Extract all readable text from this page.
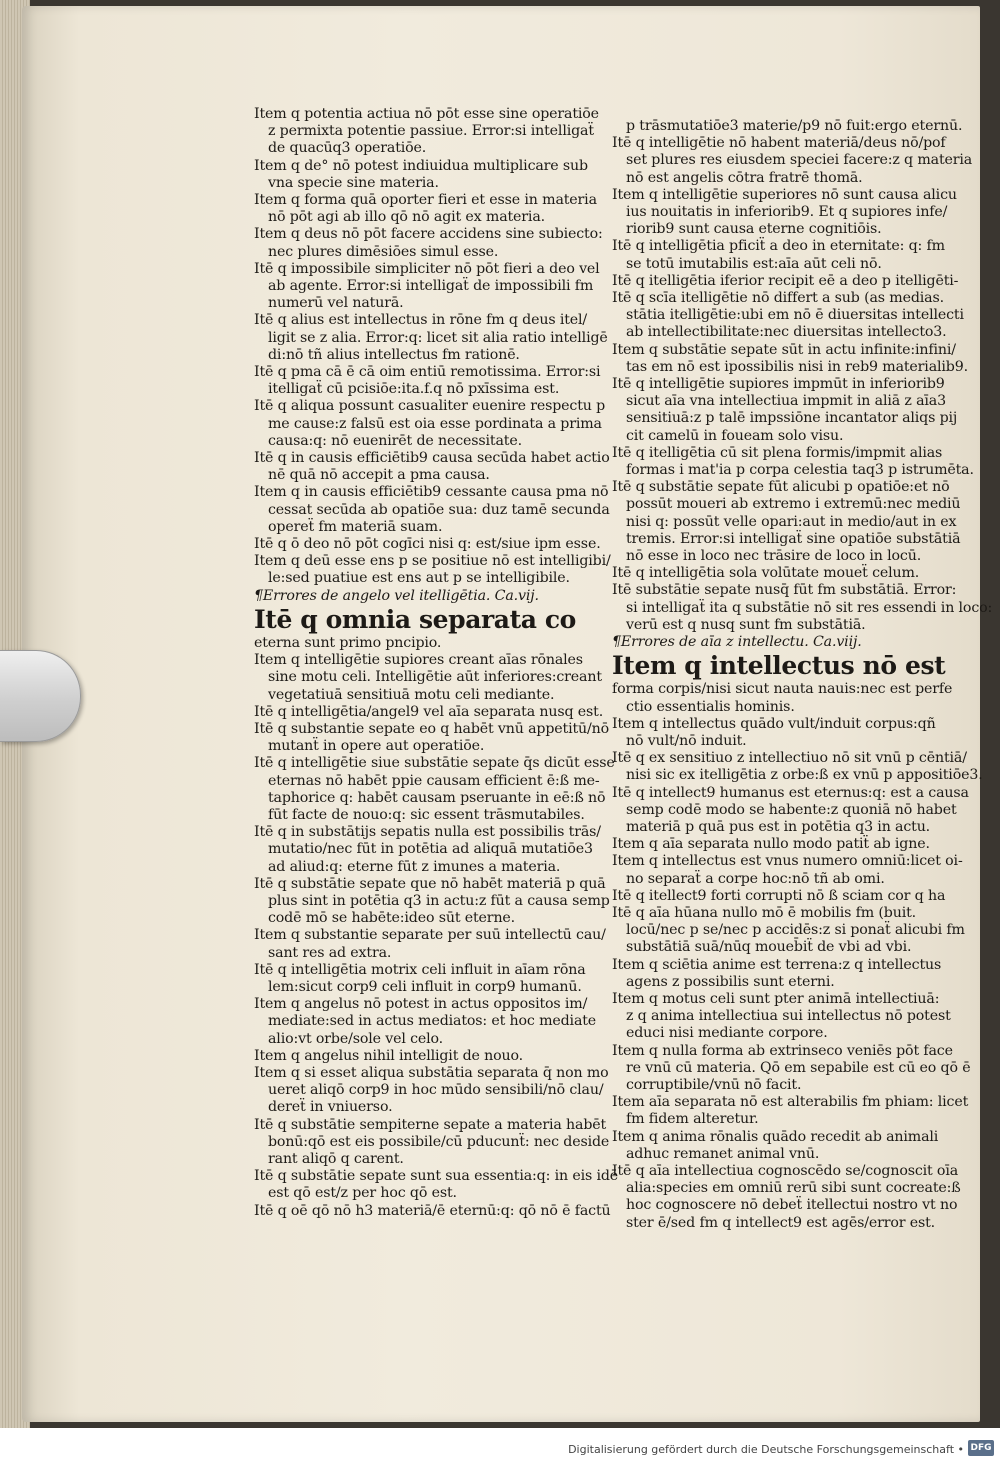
Item q potentia actiua nō pōt esse sine operatiōe
z permixta potentie passiue. Error:si intelligaẗ
de quacūq3 operatiōe.
Item q de° nō potest indiuidua multiplicare sub
vna specie sine materia.
Item q forma quā oporter fieri et esse in materia
nō pōt agi ab illo qō nō agit ex materia.
Item q deus nō pōt facere accidens sine subiecto:
nec plures dimēsiōes simul esse.
Itē q impossibile simpliciter nō pōt fieri a deo vel
ab agente. Error:si intelligaẗ de impossibili fm
numerū vel naturā.
Itē q alius est intellectus in rōne fm q deus itel/
ligit se z alia. Error:q: licet sit alia ratio intelligē
di:nō tñ alius intellectus fm rationē.
Itē q pma cā ē cā oim entiū remotissima. Error:si
itelligaẗ cū pcisiōe:ita.f.q nō pxīssima est.
Itē q aliqua possunt casualiter euenire respectu p
me cause:z falsū est oia esse pordinata a prima
causa:q: nō euenirēt de necessitate.
Itē q in causis efficiētib9 causa secūda habet actio
nē quā nō accepit a pma causa.
Item q in causis efficiētib9 cessante causa pma nō
cessat secūda ab opatiōe sua: duz tamē secunda
opereẗ fm materiā suam.
Itē q ō deo nō pōt cogīci nisi q: est/siue ipm esse.
Item q deū esse ens p se positiue nō est intelligibi/
le:sed puatiue est ens aut p se intelligibile.
¶Errores de angelo vel itelligētia. Ca.vij.
Itē q omnia separata co
eterna sunt primo pncipio.
Item q intelligētie supiores creant aīas rōnales
sine motu celi. Intelligētie aūt inferiores:creant
vegetatiuā sensitiuā motu celi mediante.
Itē q intelligētia/angel9 vel aīa separata nusq est.
Itē q substantie sepate eo q habēt vnū appetitū/nō
mutanẗ in opere aut operatiōe.
Itē q intelligētie siue substātie sepate q̄s dicūt esse
eternas nō habēt ppie causam efficient ē:ß me-
taphorice q: habēt causam pseruante in eē:ß nō
fūt facte de nouo:q: sic essent trāsmutabiles.
Itē q in substātijs sepatis nulla est possibilis trās/
mutatio/nec fūt in potētia ad aliquā mutatiōe3
ad aliud:q: eterne fūt z imunes a materia.
Itē q substātie sepate que nō habēt materiā p quā
plus sint in potētia q3 in actu:z fūt a causa semp
codē mō se habēte:ideo sūt eterne.
Item q substantie separate per suū intellectū cau/
sant res ad extra.
Itē q intelligētia motrix celi influit in aīam rōna
lem:sicut corp9 celi influit in corp9 humanū.
Item q angelus nō potest in actus oppositos im/
mediate:sed in actus mediatos: et hoc mediate
alio:vt orbe/sole vel celo.
Item q angelus nihil intelligit de nouo.
Item q si esset aliqua substātia separata q̄ non mo
ueret aliqō corp9 in hoc mūdo sensibili/nō clau/
dereẗ in vniuerso.
Itē q substātie sempiterne sepate a materia habēt
bonū:qō est eis possibile/cū pducunẗ: nec deside
rant aliqō q carent.
Itē q substātie sepate sunt sua essentia:q: in eis idē
est qō est/z per hoc qō est.
Itē q oē qō nō h3 materiā/ē eternū:q: qō nō ē factū
p trāsmutatiōe3 materie/p9 nō fuit:ergo eternū.
Itē q intelligētie nō habent materiā/deus nō/pof
set plures res eiusdem speciei facere:z q materia
nō est angelis cōtra fratrē thomā.
Item q intelligētie superiores nō sunt causa alicu
ius nouitatis in inferiorib9. Et q supiores infe/
riorib9 sunt causa eterne cognitiōis.
Itē q intelligētia pficiẗ a deo in eternitate: q: fm
se totū imutabilis est:aīa aūt celi nō.
Itē q itelligētia iferior recipit eē a deo p itelligēti-
Itē q scīa itelligētie nō differt a sub (as medias.
stātia itelligētie:ubi em nō ē diuersitas intellecti
ab intellectibilitate:nec diuersitas intellecto3.
Item q substātie sepate sūt in actu infinite:infini/
tas em nō est ipossibilis nisi in reb9 materialib9.
Itē q intelligētie supiores impmūt in inferiorib9
sicut aīa vna intellectiua impmit in aliā z aīa3
sensitiuā:z p talē impssiōne incantator aliqs pij
cit camelū in foueam solo visu.
Itē q itelligētia cū sit plena formis/impmit alias
formas i mat'ia p corpa celestia taq3 p istrumēta.
Itē q substātie sepate fūt alicubi p opatiōe:et nō
possūt moueri ab extremo i extremū:nec mediū
nisi q: possūt velle opari:aut in medio/aut in ex
tremis. Error:si intelligaẗ sine opatiōe substātiā
nō esse in loco nec trāsire de loco in locū.
Itē q intelligētia sola volūtate moueẗ celum.
Itē substātie sepate nusq̄ fūt fm substātiā. Error:
si intelligaẗ ita q substātie nō sit res essendi in loco:
verū est q nusq sunt fm substātiā.
¶Errores de aīa z intellectu. Ca.viij.
Item q intellectus nō est
forma corpis/nisi sicut nauta nauis:nec est perfe
ctio essentialis hominis.
Item q intellectus quādo vult/induit corpus:qñ
nō vult/nō induit.
Itē q ex sensitiuo z intellectiuo nō sit vnū p cēntiā/
nisi sic ex itelligētia z orbe:ß ex vnū p appositiōe3.
Itē q intellect9 humanus est eternus:q: est a causa
semp codē modo se habente:z quoniā nō habet
materiā p quā pus est in potētia q3 in actu.
Item q aīa separata nullo modo patiẗ ab igne.
Item q intellectus est vnus numero omniū:licet oi-
no separaẗ a corpe hoc:nō tñ ab omi.
Itē q itellect9 forti corrupti nō ß sciam cor q ha
Itē q aīa hūana nullo mō ē mobilis fm (buit.
locū/nec p se/nec p accidēs:z si ponaẗ alicubi fm
substātiā suā/nūq moueb̄iẗ de vbi ad vbi.
Item q sciētia anime est terrena:z q intellectus
agens z possibilis sunt eterni.
Item q motus celi sunt pter animā intellectiuā:
z q anima intellectiua sui intellectus nō potest
educi nisi mediante corpore.
Item q nulla forma ab extrinseco veniēs pōt face
re vnū cū materia. Qō em sepabile est cū eo qō ē
corruptibile/vnū nō facit.
Item aīa separata nō est alterabilis fm phiam: licet
fm fidem alteretur.
Item q anima rōnalis quādo recedit ab animali
adhuc remanet animal vnū.
Itē q aīa intellectiua cognoscēdo se/cognoscit oīa
alia:species em omniū rerū sibi sunt cocreate:ß
hoc cognoscere nō debeẗ itellectui nostro vt no
ster ē/sed fm q intellect9 est agēs/error est.
Digitalisierung gefördert durch die Deutsche Forschungsgemeinschaft • DFG
